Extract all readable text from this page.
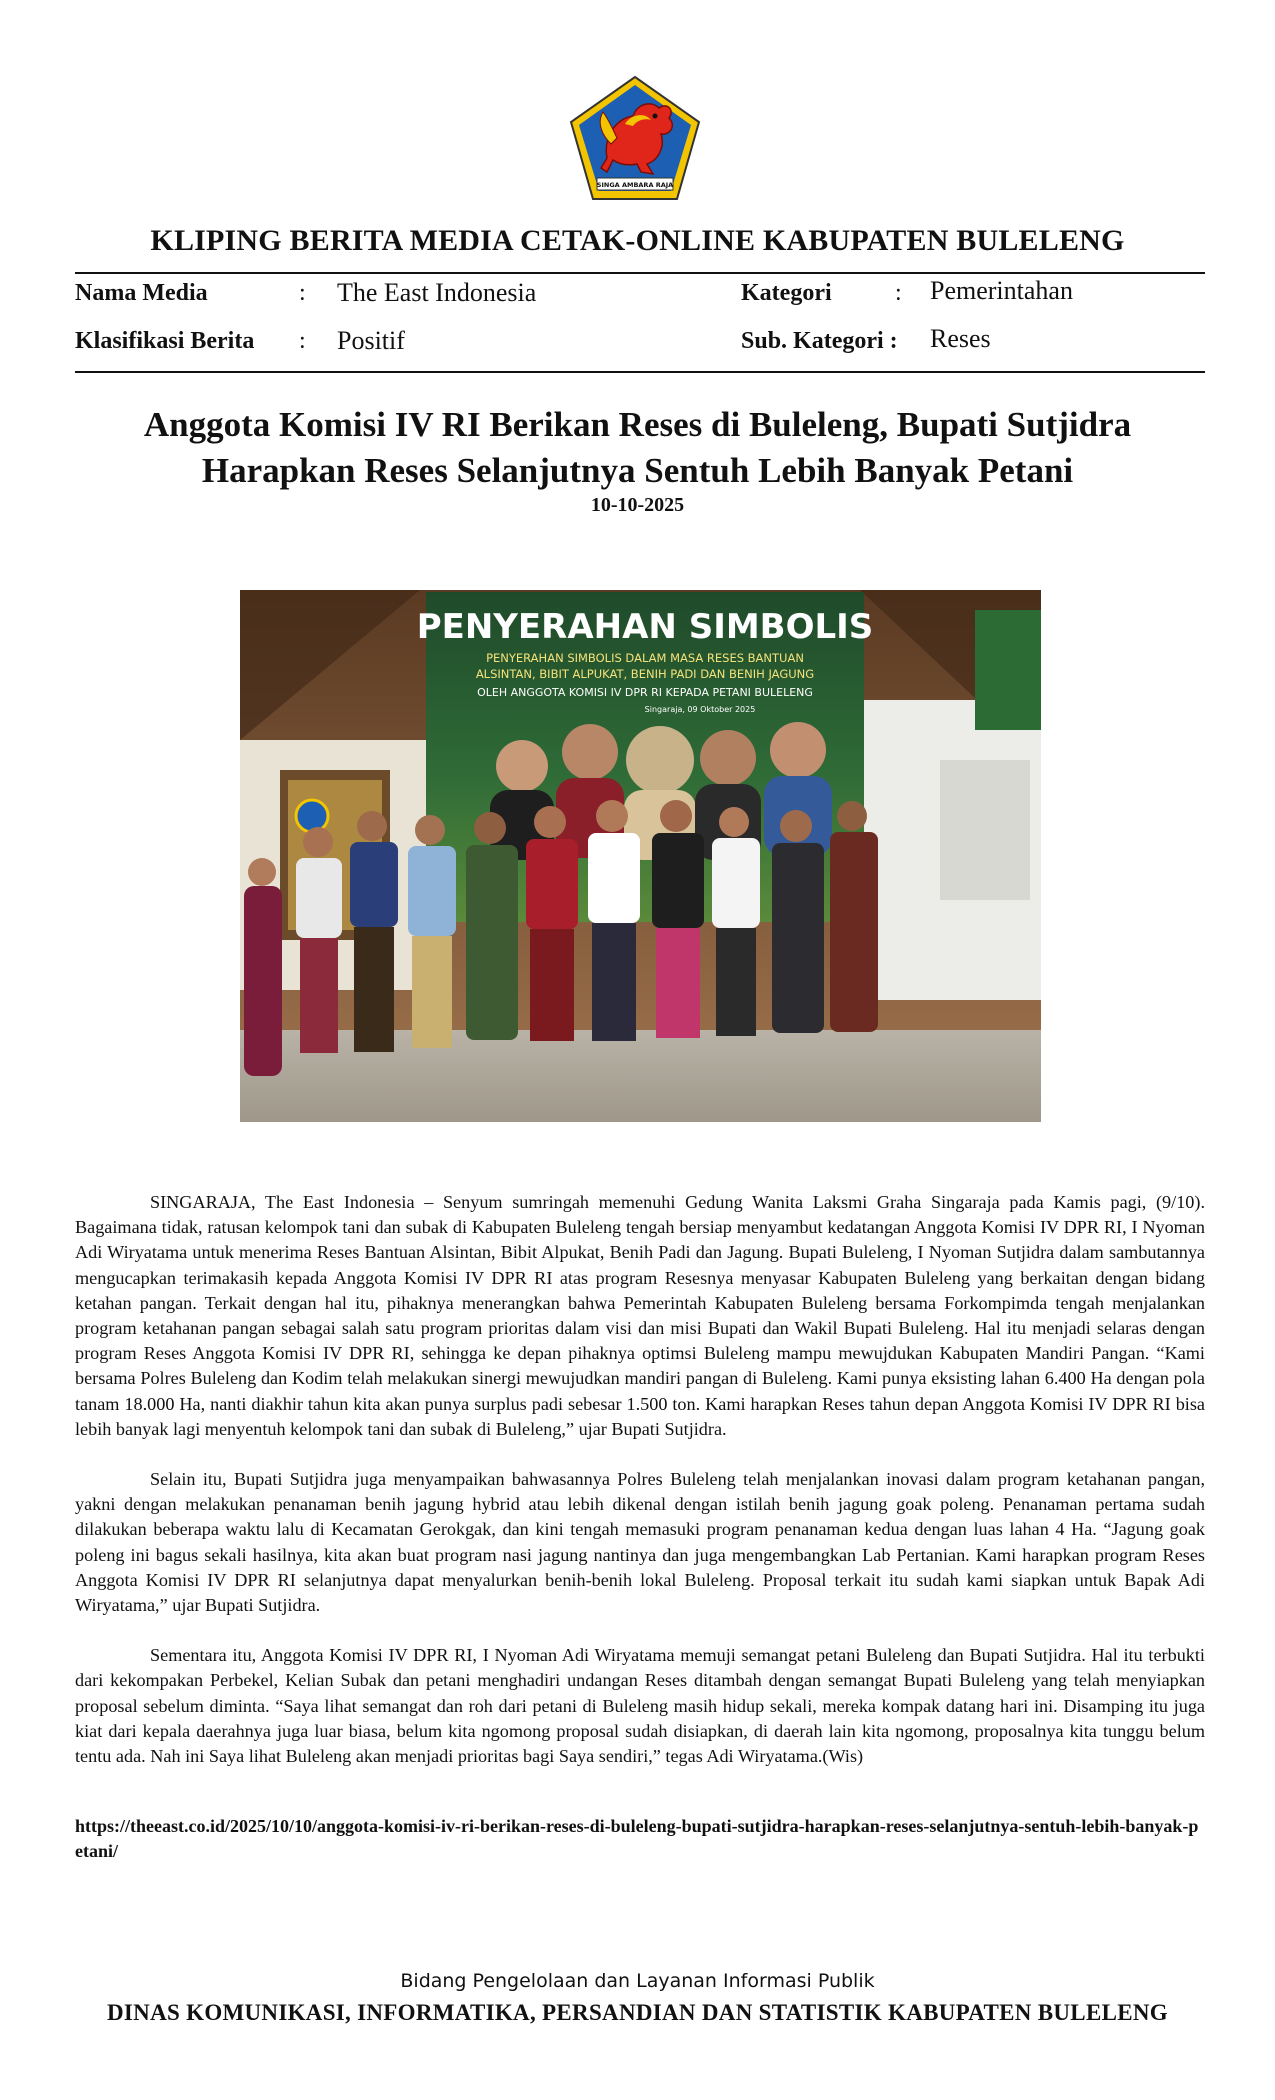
SINGA AMBARA RAJA
KLIPING BERITA MEDIA CETAK-ONLINE KABUPATEN BULELENG
Nama Media	: The East Indonesia	Kategori	: Pemerintahan
Klasifikasi Berita : Positif	Sub. Kategori : Reses
Anggota Komisi IV RI Berikan Reses di Buleleng, Bupati Sutjidra
Harapkan Reses Selanjutnya Sentuh Lebih Banyak Petani
10-10-2025
PENYERAHAN SIMBOLIS
PENYERAHAN SIMBOLIS DALAM MASA RESES BANTUAN
ALSINTAN, BIBIT ALPUKAT, BENIH PADI DAN BENIH JAGUNG
OLEH ANGGOTA KOMISI IV DPR RI KEPADA PETANI BULELENG
Singaraja, 09 Oktober 2025

SINGARAJA, The East Indonesia – Senyum sumringah memenuhi Gedung Wanita Laksmi Graha Singaraja pada Kamis pagi, (9/10). Bagaimana tidak, ratusan kelompok tani dan subak di Kabupaten Buleleng tengah bersiap menyambut kedatangan Anggota Komisi IV DPR RI, I Nyoman Adi Wiryatama untuk menerima Reses Bantuan Alsintan, Bibit Alpukat, Benih Padi dan Jagung. Bupati Buleleng, I Nyoman Sutjidra dalam sambutannya mengucapkan terimakasih kepada Anggota Komisi IV DPR RI atas program Resesnya menyasar Kabupaten Buleleng yang berkaitan dengan bidang ketahan pangan. Terkait dengan hal itu, pihaknya menerangkan bahwa Pemerintah Kabupaten Buleleng bersama Forkompimda tengah menjalankan program ketahanan pangan sebagai salah satu program prioritas dalam visi dan misi Bupati dan Wakil Bupati Buleleng. Hal itu menjadi selaras dengan program Reses Anggota Komisi IV DPR RI, sehingga ke depan pihaknya optimsi Buleleng mampu mewujdukan Kabupaten Mandiri Pangan. “Kami bersama Polres Buleleng dan Kodim telah melakukan sinergi mewujudkan mandiri pangan di Buleleng. Kami punya eksisting lahan 6.400 Ha dengan pola tanam 18.000 Ha, nanti diakhir tahun kita akan punya surplus padi sebesar 1.500 ton. Kami harapkan Reses tahun depan Anggota Komisi IV DPR RI bisa lebih banyak lagi menyentuh kelompok tani dan subak di Buleleng,” ujar Bupati Sutjidra.

Selain itu, Bupati Sutjidra juga menyampaikan bahwasannya Polres Buleleng telah menjalankan inovasi dalam program ketahanan pangan, yakni dengan melakukan penanaman benih jagung hybrid atau lebih dikenal dengan istilah benih jagung goak poleng. Penanaman pertama sudah dilakukan beberapa waktu lalu di Kecamatan Gerokgak, dan kini tengah memasuki program penanaman kedua dengan luas lahan 4 Ha. “Jagung goak poleng ini bagus sekali hasilnya, kita akan buat program nasi jagung nantinya dan juga mengembangkan Lab Pertanian. Kami harapkan program Reses Anggota Komisi IV DPR RI selanjutnya dapat menyalurkan benih-benih lokal Buleleng. Proposal terkait itu sudah kami siapkan untuk Bapak Adi Wiryatama,” ujar Bupati Sutjidra.

Sementara itu, Anggota Komisi IV DPR RI, I Nyoman Adi Wiryatama memuji semangat petani Buleleng dan Bupati Sutjidra. Hal itu terbukti dari kekompakan Perbekel, Kelian Subak dan petani menghadiri undangan Reses ditambah dengan semangat Bupati Buleleng yang telah menyiapkan proposal sebelum diminta. “Saya lihat semangat dan roh dari petani di Buleleng masih hidup sekali, mereka kompak datang hari ini. Disamping itu juga kiat dari kepala daerahnya juga luar biasa, belum kita ngomong proposal sudah disiapkan, di daerah lain kita ngomong, proposalnya kita tunggu belum tentu ada. Nah ini Saya lihat Buleleng akan menjadi prioritas bagi Saya sendiri,” tegas Adi Wiryatama.(Wis)

https://theeast.co.id/2025/10/10/anggota-komisi-iv-ri-berikan-reses-di-buleleng-bupati-sutjidra-harapkan-reses-selanjutnya-sentuh-lebih-banyak-petani/
Bidang Pengelolaan dan Layanan Informasi Publik
DINAS KOMUNIKASI, INFORMATIKA, PERSANDIAN DAN STATISTIK KABUPATEN BULELENG
